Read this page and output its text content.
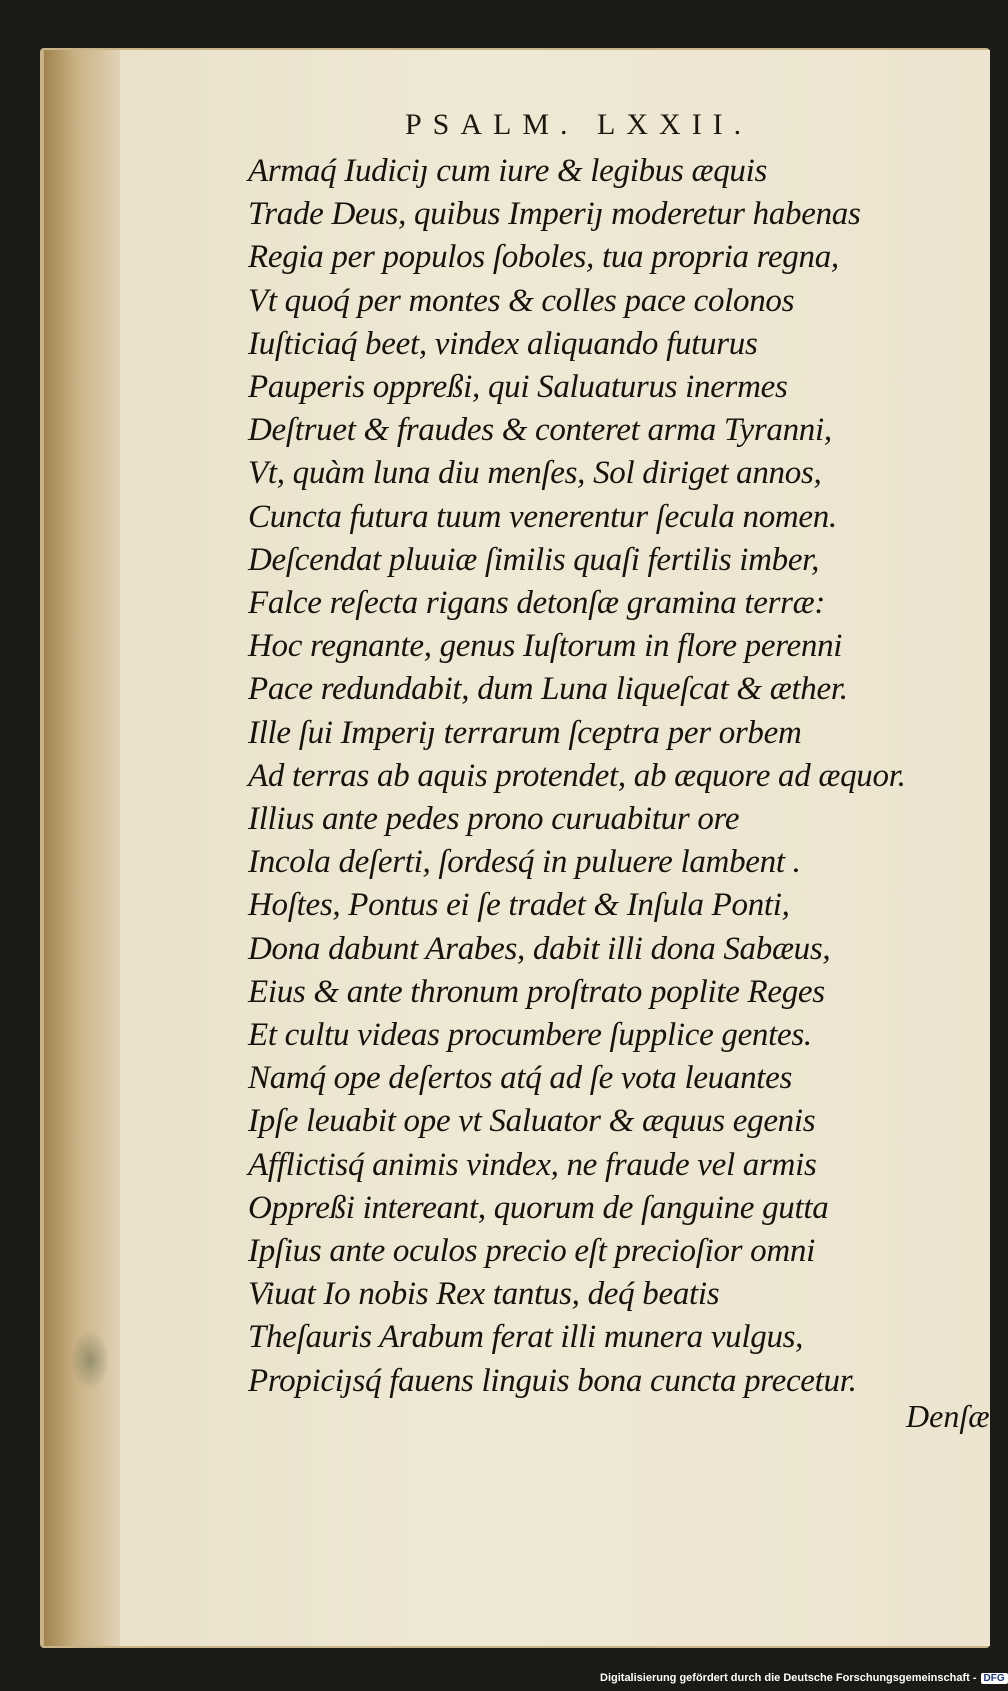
PSALM. LXXII.
Armaq́ Iudiciȷ cum iure & legibus æquis
Trade Deus, quibus Imperiȷ moderetur habenas
Regia per populos ſoboles, tua propria regna,
Vt quoq́ per montes & colles pace colonos
Iuſticiaq́ beet, vindex aliquando futurus
Pauperis oppreßi, qui Saluaturus inermes
Deſtruet & fraudes & conteret arma Tyranni,
Vt, quàm luna diu menſes, Sol diriget annos,
Cuncta futura tuum venerentur ſecula nomen.
Deſcendat pluuiæ ſimilis quaſi fertilis imber,
Falce reſecta rigans detonſæ gramina terræ:
Hoc regnante, genus Iuſtorum in flore perenni
Pace redundabit, dum Luna liqueſcat & æther.
Ille ſui Imperiȷ terrarum ſceptra per orbem
Ad terras ab aquis protendet, ab æquore ad æquor.
Illius ante pedes prono curuabitur ore
Incola deſerti, ſordesq́ in puluere lambent .
Hoſtes, Pontus ei ſe tradet & Inſula Ponti,
Dona dabunt Arabes, dabit illi dona Sabæus,
Eius & ante thronum proſtrato poplite Reges
Et cultu videas procumbere ſupplice gentes.
Namq́ ope deſertos atq́ ad ſe vota leuantes
Ipſe leuabit ope vt Saluator & æquus egenis
Afflictisq́ animis vindex, ne fraude vel armis
Oppreßi intereant, quorum de ſanguine gutta
Ipſius ante oculos precio eſt precioſior omni
Viuat Io nobis Rex tantus, deq́ beatis
Theſauris Arabum ferat illi munera vulgus,
Propiciȷsq́ fauens linguis bona cuncta precetur.
Denſæ
Digitalisierung gefördert durch die Deutsche Forschungsgemeinschaft - DFG
